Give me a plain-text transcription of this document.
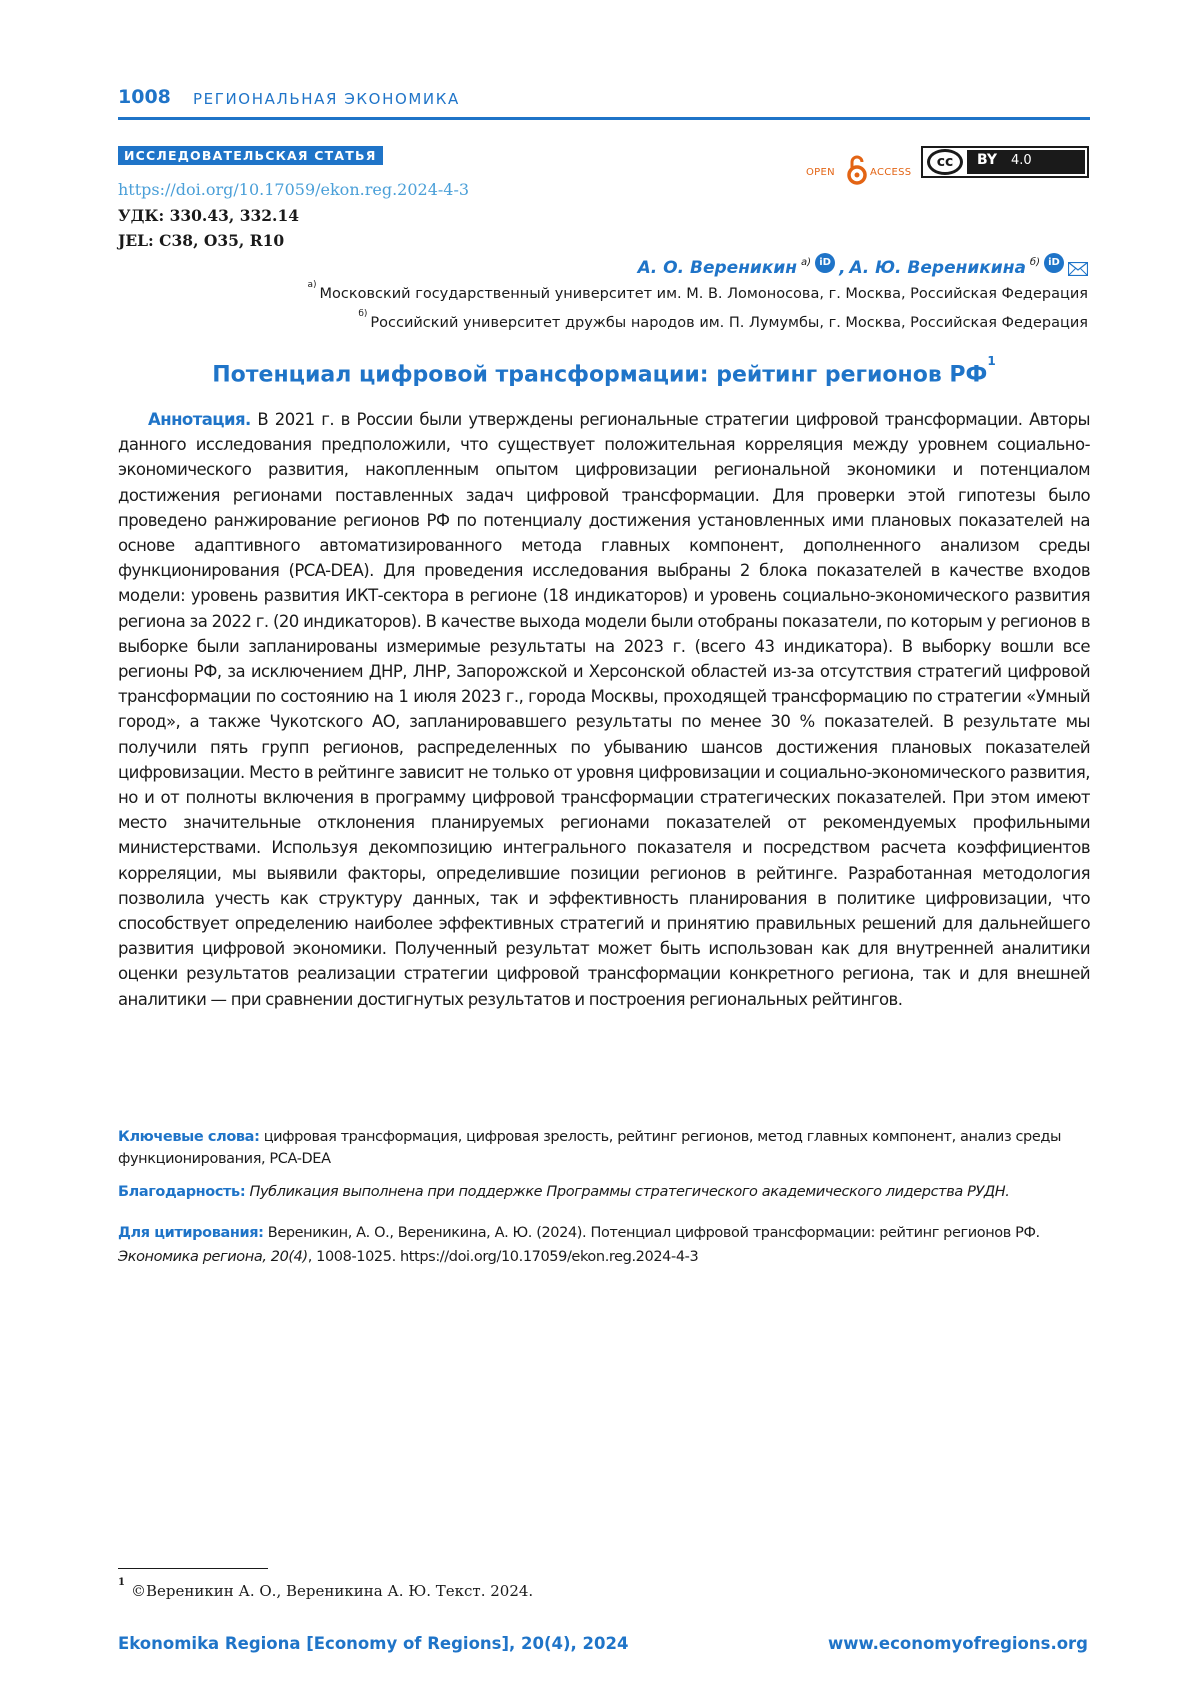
1008 РЕГИОНАЛЬНАЯ ЭКОНОМИКА
ИССЛЕДОВАТЕЛЬСКАЯ СТАТЬЯ
OPEN	ACCESS
cc	BY 4.0
https://doi.org/10.17059/ekon.reg.2024-4-3
УДК: 330.43, 332.14
JEL: C38, O35, R10
А. О. Вереникин $^{а)}$ iD , А. Ю. Вереникина $^{б)}$ iD
$^{а)}$Московский государственный университет им. М. В. Ломоносова, г. Москва, Российская Федерация
$^{б)}$Российский университет дружбы народов им. П. Лумумбы, г. Москва, Российская Федерация
Потенциал цифровой трансформации: рейтинг регионов $РФ^1$

Аннотация. В 2021 г. в России были утверждены региональные стратегии цифровой трансформации. Авторы данного исследования предположили, что существует положительная корреляция между уровнем социально-экономического развития, накопленным опытом цифровизации региональной экономики и потенциалом достижения регионами поставленных задач цифровой трансформации. Для проверки этой гипотезы было проведено ранжирование регионов РФ по потенциалу достижения установленных ими плановых показателей на основе адаптивного автоматизированного метода главных компонент, дополненного анализом среды функционирования (PCA-DEA). Для проведения исследования выбраны 2 блока показателей в качестве входов модели: уровень развития ИКТ-сектора в регионе (18 индикаторов) и уровень социально-экономического развития региона за 2022 г. (20 индикаторов). В качестве выхода модели были отобраны показатели, по которым у регионов в выборке были запланированы измеримые результаты на 2023 г. (всего 43 индикатора). В выборку вошли все регионы РФ, за исключением ДНР, ЛНР, Запорожской и Херсонской областей из-за отсутствия стратегий цифровой трансформации по состоянию на 1 июля 2023 г., города Москвы, проходящей трансформацию по стратегии «Умный город», а также Чукотского АО, запланировавшего результаты по менее 30 % показателей. В результате мы получили пять групп регионов, распределенных по убыванию шансов достижения плановых показателей цифровизации. Место в рейтинге зависит не только от уровня цифровизации и социально-экономического развития, но и от полноты включения в программу цифровой трансформации стратегических показателей. При этом имеют место значительные отклонения планируемых регионами показателей от рекомендуемых профильными министерствами. Используя декомпозицию интегрального показателя и посредством расчета коэффициентов корреляции, мы выявили факторы, определившие позиции регионов в рейтинге. Разработанная методология позволила учесть как структуру данных, так и эффективность планирования в политике цифровизации, что способствует определению наиболее эффективных стратегий и принятию правильных решений для дальнейшего развития цифровой экономики. Полученный результат может быть использован как для внутренней аналитики оценки результатов реализации стратегии цифровой трансформации конкретного региона, так и для внешней аналитики — при сравнении достигнутых результатов и построения региональных рейтингов.

Ключевые слова: цифровая трансформация, цифровая зрелость, рейтинг регионов, метод главных компонент, анализ среды функционирования, PCA-DEA

Благодарность: Публикация выполнена при поддержке Программы стратегического академического лидерства РУДН.

Для цитирования: Вереникин, А. О., Вереникина, А. Ю. (2024). Потенциал цифровой трансформации: рейтинг регионов РФ. Экономика региона, 20(4), 1008-1025. https://doi.org/10.17059/ekon.reg.2024-4-3

$^1$ ©Вереникин А. О., Вереникина А. Ю. Текст. 2024.
Ekonomika Regiona [Economy of Regions], 20(4), 2024	www.economyofregions.org
